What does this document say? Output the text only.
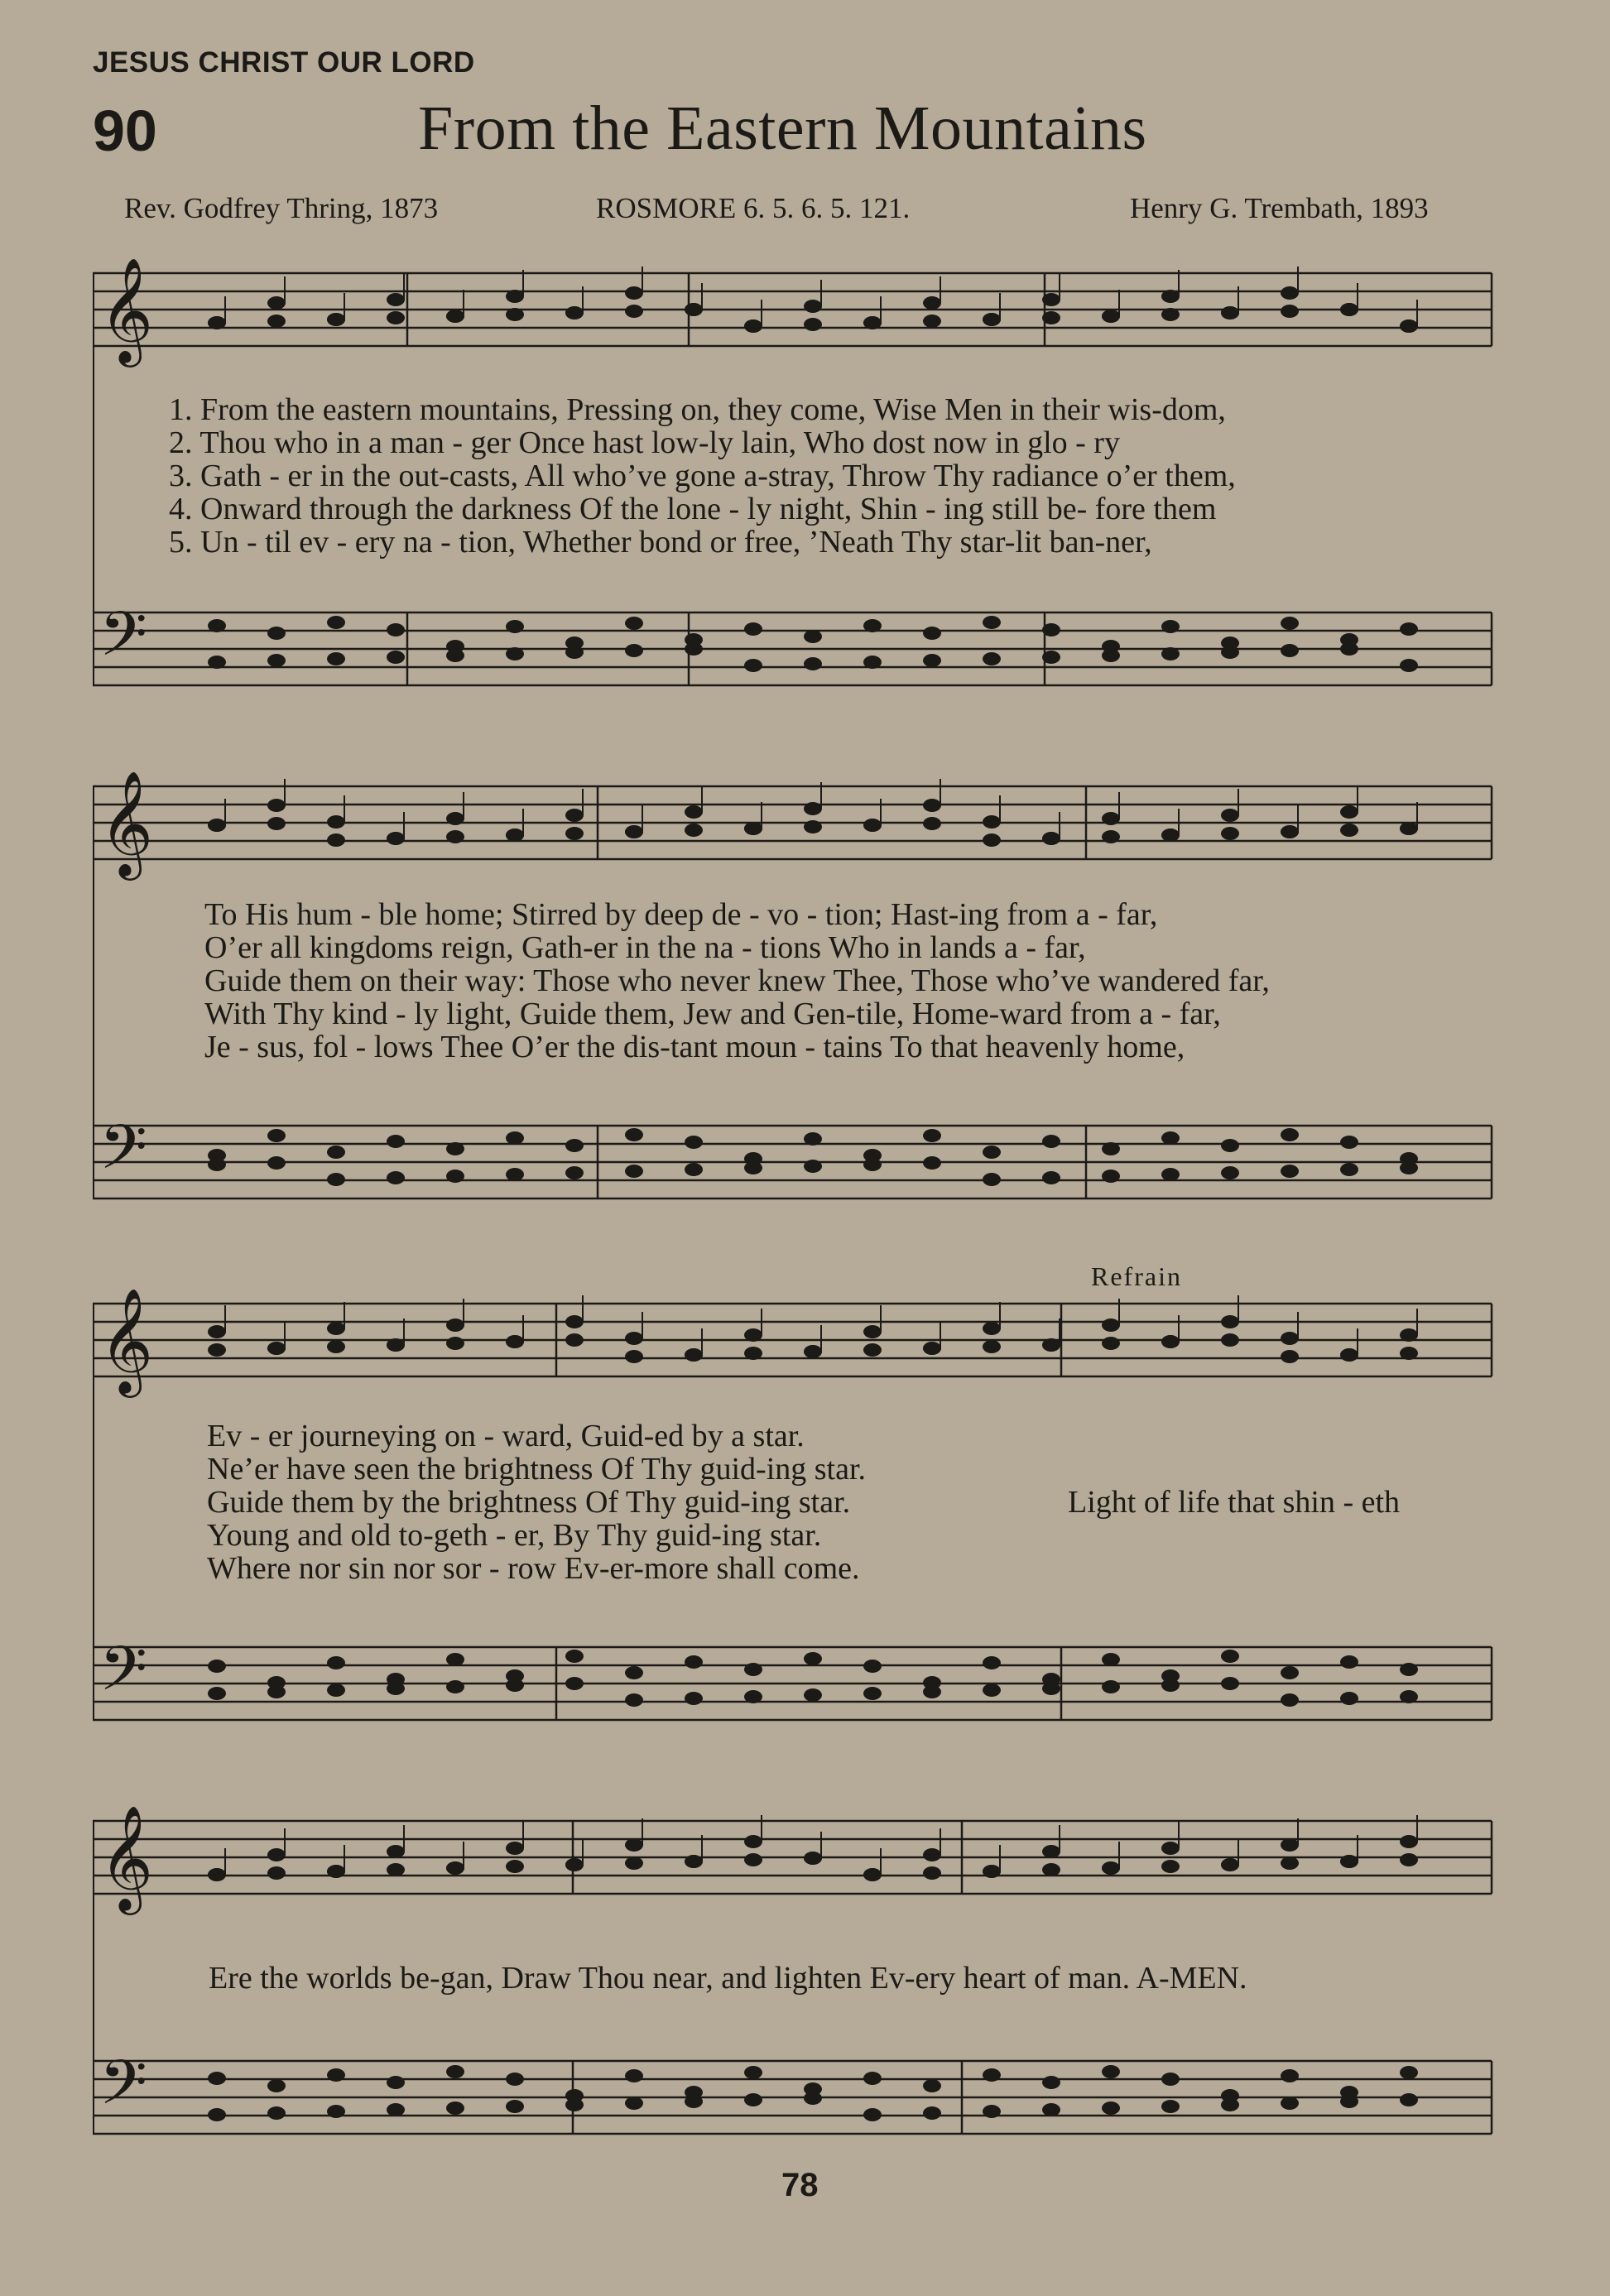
JESUS CHRIST OUR LORD
90	From the Eastern Mountains
Rev. Godfrey Thring, 1873	ROSMORE 6. 5. 6. 5. 121.	Henry G. Trembath, 1893
𝄞
𝄢
1. From the eastern mountains, Pressing on, they come, Wise Men in their wis-dom,
2. Thou who in a man - ger Once hast low-ly lain, Who dost now in glo - ry
3. Gath - er in the out-casts, All who’ve gone a-stray, Throw Thy radiance o’er them,
4. Onward through the darkness Of the lone - ly night, Shin - ing still be- fore them
5. Un - til ev - ery na - tion, Whether bond or free, ’Neath Thy star-lit ban-ner,
𝄞
𝄢
To His hum - ble home; Stirred by deep de - vo - tion; Hast-ing from a - far,
O’er all kingdoms reign, Gath-er in the na - tions Who in lands a - far,
Guide them on their way: Those who never knew Thee, Those who’ve wandered far,
With Thy kind - ly light, Guide them, Jew and Gen-tile, Home-ward from a - far,
Je - sus, fol - lows Thee O’er the dis-tant moun - tains To that heavenly home,
Refrain
𝄞
𝄢
Ev - er journeying on - ward, Guid-ed by a star.
Ne’er have seen the brightness Of Thy guid-ing star.
Guide them by the brightness Of Thy guid-ing star.
Young and old to-geth - er, By Thy guid-ing star.
Where nor sin nor sor - row Ev-er-more shall come.
Light of life that shin - eth
𝄞
𝄢
Ere the worlds be-gan, Draw Thou near, and lighten Ev-ery heart of man. A-MEN.
78
